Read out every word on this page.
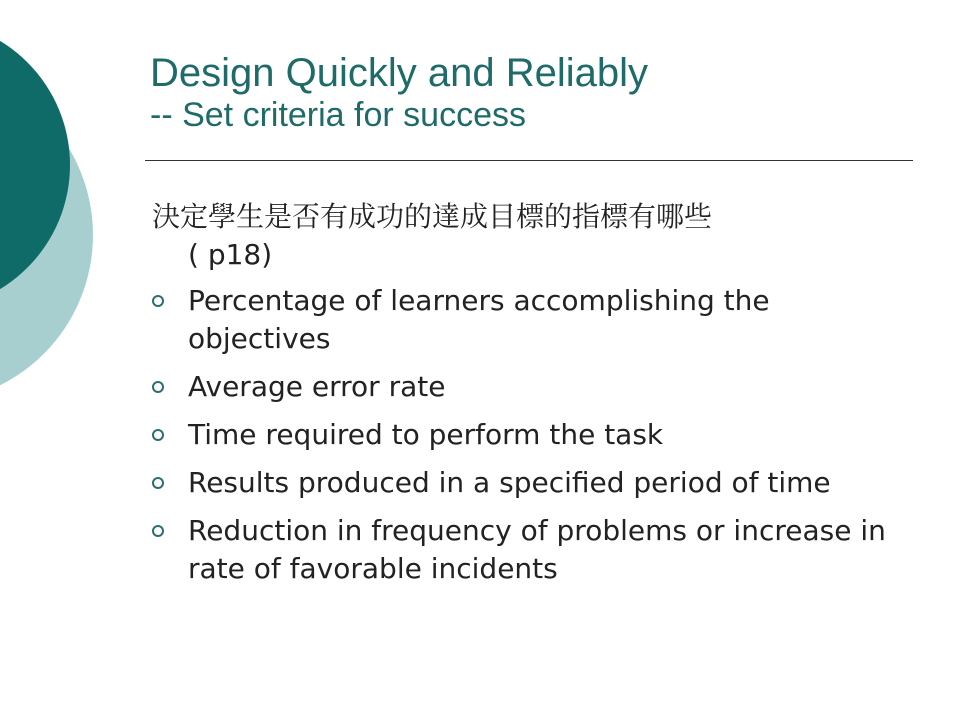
Design Quickly and Reliably
-- Set criteria for success
決定學生是否有成功的達成目標的指標有哪些
( p18)
Percentage of learners accomplishing the objectives
Average error rate
Time required to perform the task
Results produced in a specified period of time
Reduction in frequency of problems or increase in rate of favorable incidents
